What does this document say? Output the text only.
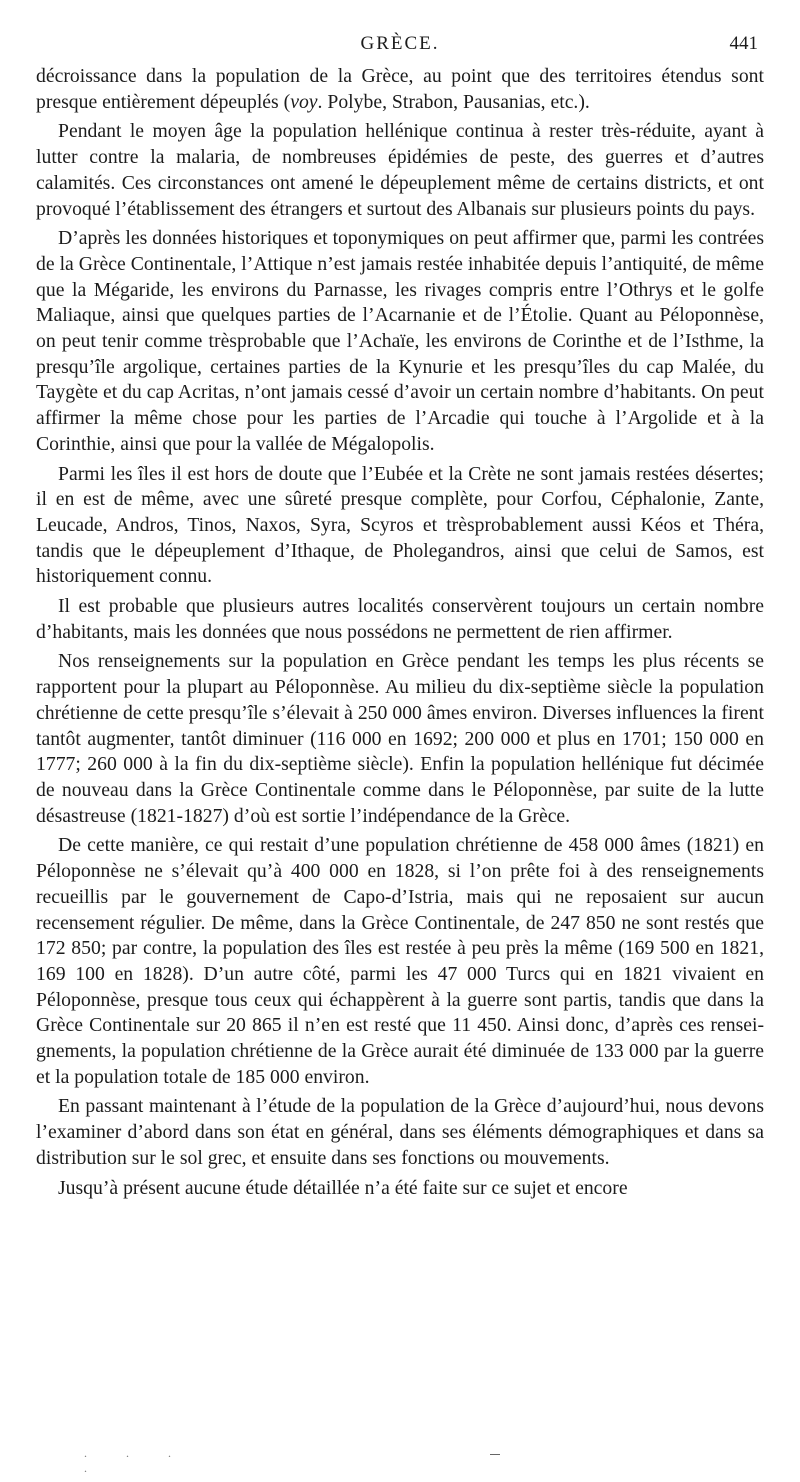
GRÈCE.	441

décroissance dans la population de la Grèce, au point que des territoires étendus sont presque entièrement dépeuplés (voy. Polybe, Strabon, Pausanias, etc.).

Pendant le moyen âge la population hellénique continua à rester très-réduite, ayant à lutter contre la malaria, de nombreuses épidémies de peste, des guerres et d’autres calamités. Ces circonstances ont amené le dépeuplement même de certains districts, et ont provoqué l’établissement des étrangers et surtout des Albanais sur plusieurs points du pays.

D’après les données historiques et toponymiques on peut affirmer que, parmi les contrées de la Grèce Continentale, l’Attique n’est jamais restée inhabitée depuis l’antiquité, de même que la Mégaride, les environs du Parnasse, les rivages compris entre l’Othrys et le golfe Maliaque, ainsi que quelques parties de l’Acarnanie et de l’Étolie. Quant au Péloponnèse, on peut tenir comme trèsprobable que l’Achaïe, les environs de Corinthe et de l’Isthme, la presqu’île argolique, certaines parties de la Kynurie et les presqu’îles du cap Malée, du Taygète et du cap Acritas, n’ont jamais cessé d’avoir un certain nombre d’habitants. On peut affirmer la même chose pour les parties de l’Arcadie qui touche à l’Argolide et à la Corinthie, ainsi que pour la vallée de Mégalopolis.

Parmi les îles il est hors de doute que l’Eubée et la Crète ne sont jamais restées désertes; il en est de même, avec une sûreté presque complète, pour Corfou, Céphalonie, Zante, Leucade, Andros, Tinos, Naxos, Syra, Scyros et trèsprobablement aussi Kéos et Théra, tandis que le dépeuplement d’Ithaque, de Pholegandros, ainsi que celui de Samos, est historiquement connu.

Il est probable que plusieurs autres localités conservèrent toujours un certain nombre d’habitants, mais les données que nous possédons ne permettent de rien affirmer.

Nos renseignements sur la population en Grèce pendant les temps les plus récents se rapportent pour la plupart au Péloponnèse. Au milieu du dix-septième siècle la population chrétienne de cette presqu’île s’élevait à 250 000 âmes environ. Diverses influences la firent tantôt augmenter, tantôt diminuer (116 000 en 1692; 200 000 et plus en 1701; 150 000 en 1777; 260 000 à la fin du dix-septième siècle). Enfin la population hellénique fut décimée de nouveau dans la Grèce Continentale comme dans le Péloponnèse, par suite de la lutte désastreuse (1821-1827) d’où est sortie l’indépendance de la Grèce.

De cette manière, ce qui restait d’une population chrétienne de 458 000 âmes (1821) en Péloponnèse ne s’élevait qu’à 400 000 en 1828, si l’on prête foi à des renseignements recueillis par le gouvernement de Capo-d’Istria, mais qui ne reposaient sur aucun recensement régulier. De même, dans la Grèce Continentale, de 247 850 ne sont restés que 172 850; par contre, la population des îles est restée à peu près la même (169 500 en 1821, 169 100 en 1828). D’un autre côté, parmi les 47 000 Turcs qui en 1821 vivaient en Péloponnèse, presque tous ceux qui échappèrent à la guerre sont partis, tandis que dans la Grèce Continentale sur 20 865 il n’en est resté que 11 450. Ainsi donc, d’après ces renseignements, la population chrétienne de la Grèce aurait été diminuée de 133 000 par la guerre et la population totale de 185 000 environ.

En passant maintenant à l’étude de la population de la Grèce d’aujourd’hui, nous devons l’examiner d’abord dans son état en général, dans ses éléments démographiques et dans sa distribution sur le sol grec, et ensuite dans ses fonctions ou mouvements.

Jusqu’à présent aucune étude détaillée n’a été faite sur ce sujet et encore

. . . .
